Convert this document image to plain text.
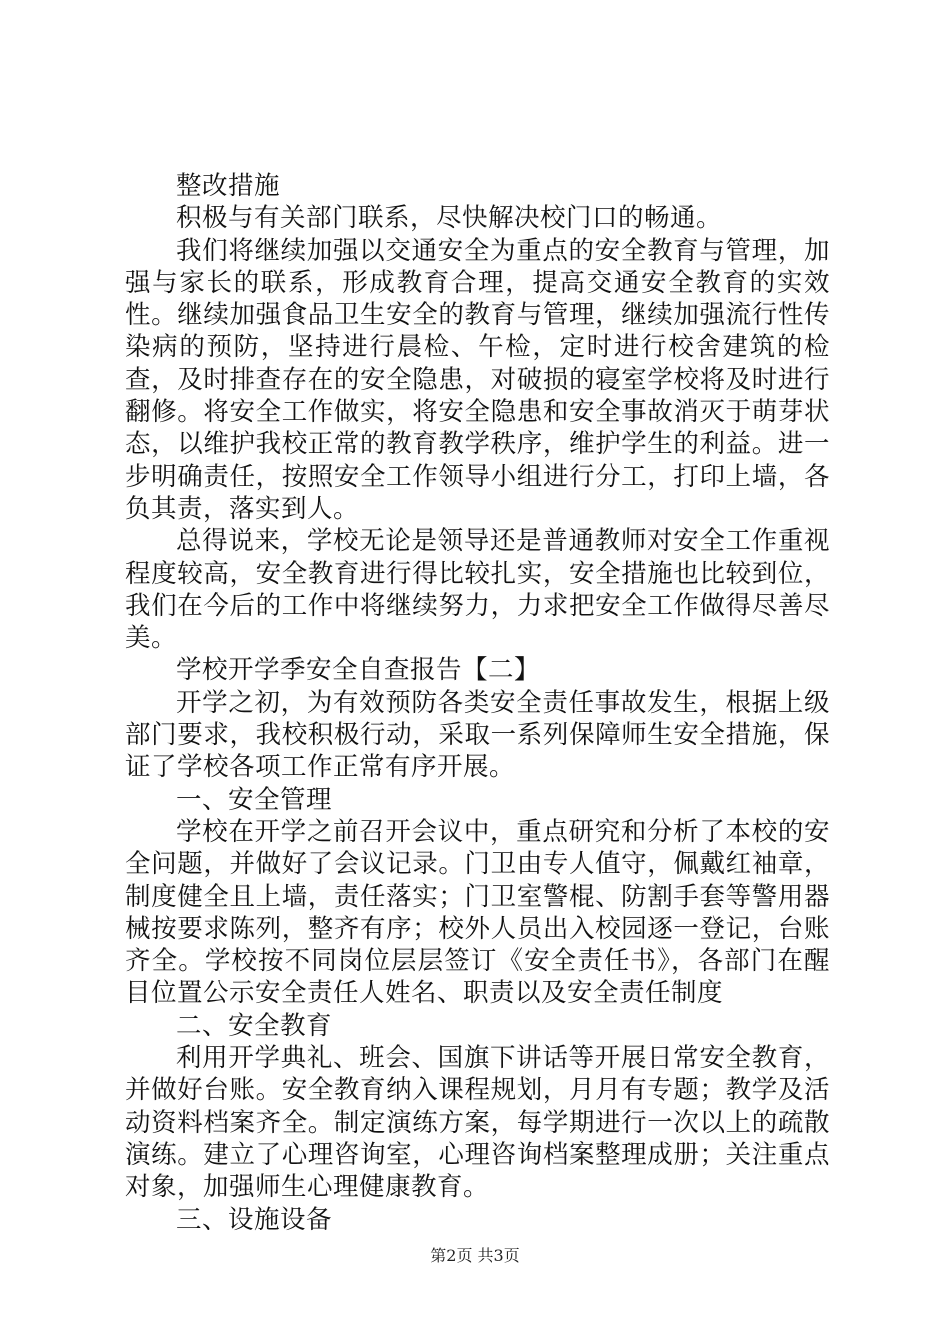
整改措施

积极与有关部门联系，尽快解决校门口的畅通。

我们将继续加强以交通安全为重点的安全教育与管理，加强与家长的联系，形成教育合理，提高交通安全教育的实效性。继续加强食品卫生安全的教育与管理，继续加强流行性传染病的预防，坚持进行晨检、午检，定时进行校舍建筑的检查，及时排查存在的安全隐患，对破损的寝室学校将及时进行翻修。将安全工作做实，将安全隐患和安全事故消灭于萌芽状态，以维护我校正常的教育教学秩序，维护学生的利益。进一步明确责任，按照安全工作领导小组进行分工，打印上墙，各负其责，落实到人。

总得说来，学校无论是领导还是普通教师对安全工作重视程度较高，安全教育进行得比较扎实，安全措施也比较到位，我们在今后的工作中将继续努力，力求把安全工作做得尽善尽美。

学校开学季安全自查报告【二】

开学之初，为有效预防各类安全责任事故发生，根据上级部门要求，我校积极行动，采取一系列保障师生安全措施，保证了学校各项工作正常有序开展。

一、安全管理

学校在开学之前召开会议中，重点研究和分析了本校的安全问题，并做好了会议记录。门卫由专人值守，佩戴红袖章，制度健全且上墙，责任落实；门卫室警棍、防割手套等警用器械按要求陈列，整齐有序；校外人员出入校园逐一登记，台账齐全。学校按不同岗位层层签订《安全责任书》，各部门在醒目位置公示安全责任人姓名、职责以及安全责任制度

二、安全教育

利用开学典礼、班会、国旗下讲话等开展日常安全教育，并做好台账。安全教育纳入课程规划，月月有专题；教学及活动资料档案齐全。制定演练方案，每学期进行一次以上的疏散演练。建立了心理咨询室，心理咨询档案整理成册；关注重点对象，加强师生心理健康教育。

三、设施设备

第2页 共3页
